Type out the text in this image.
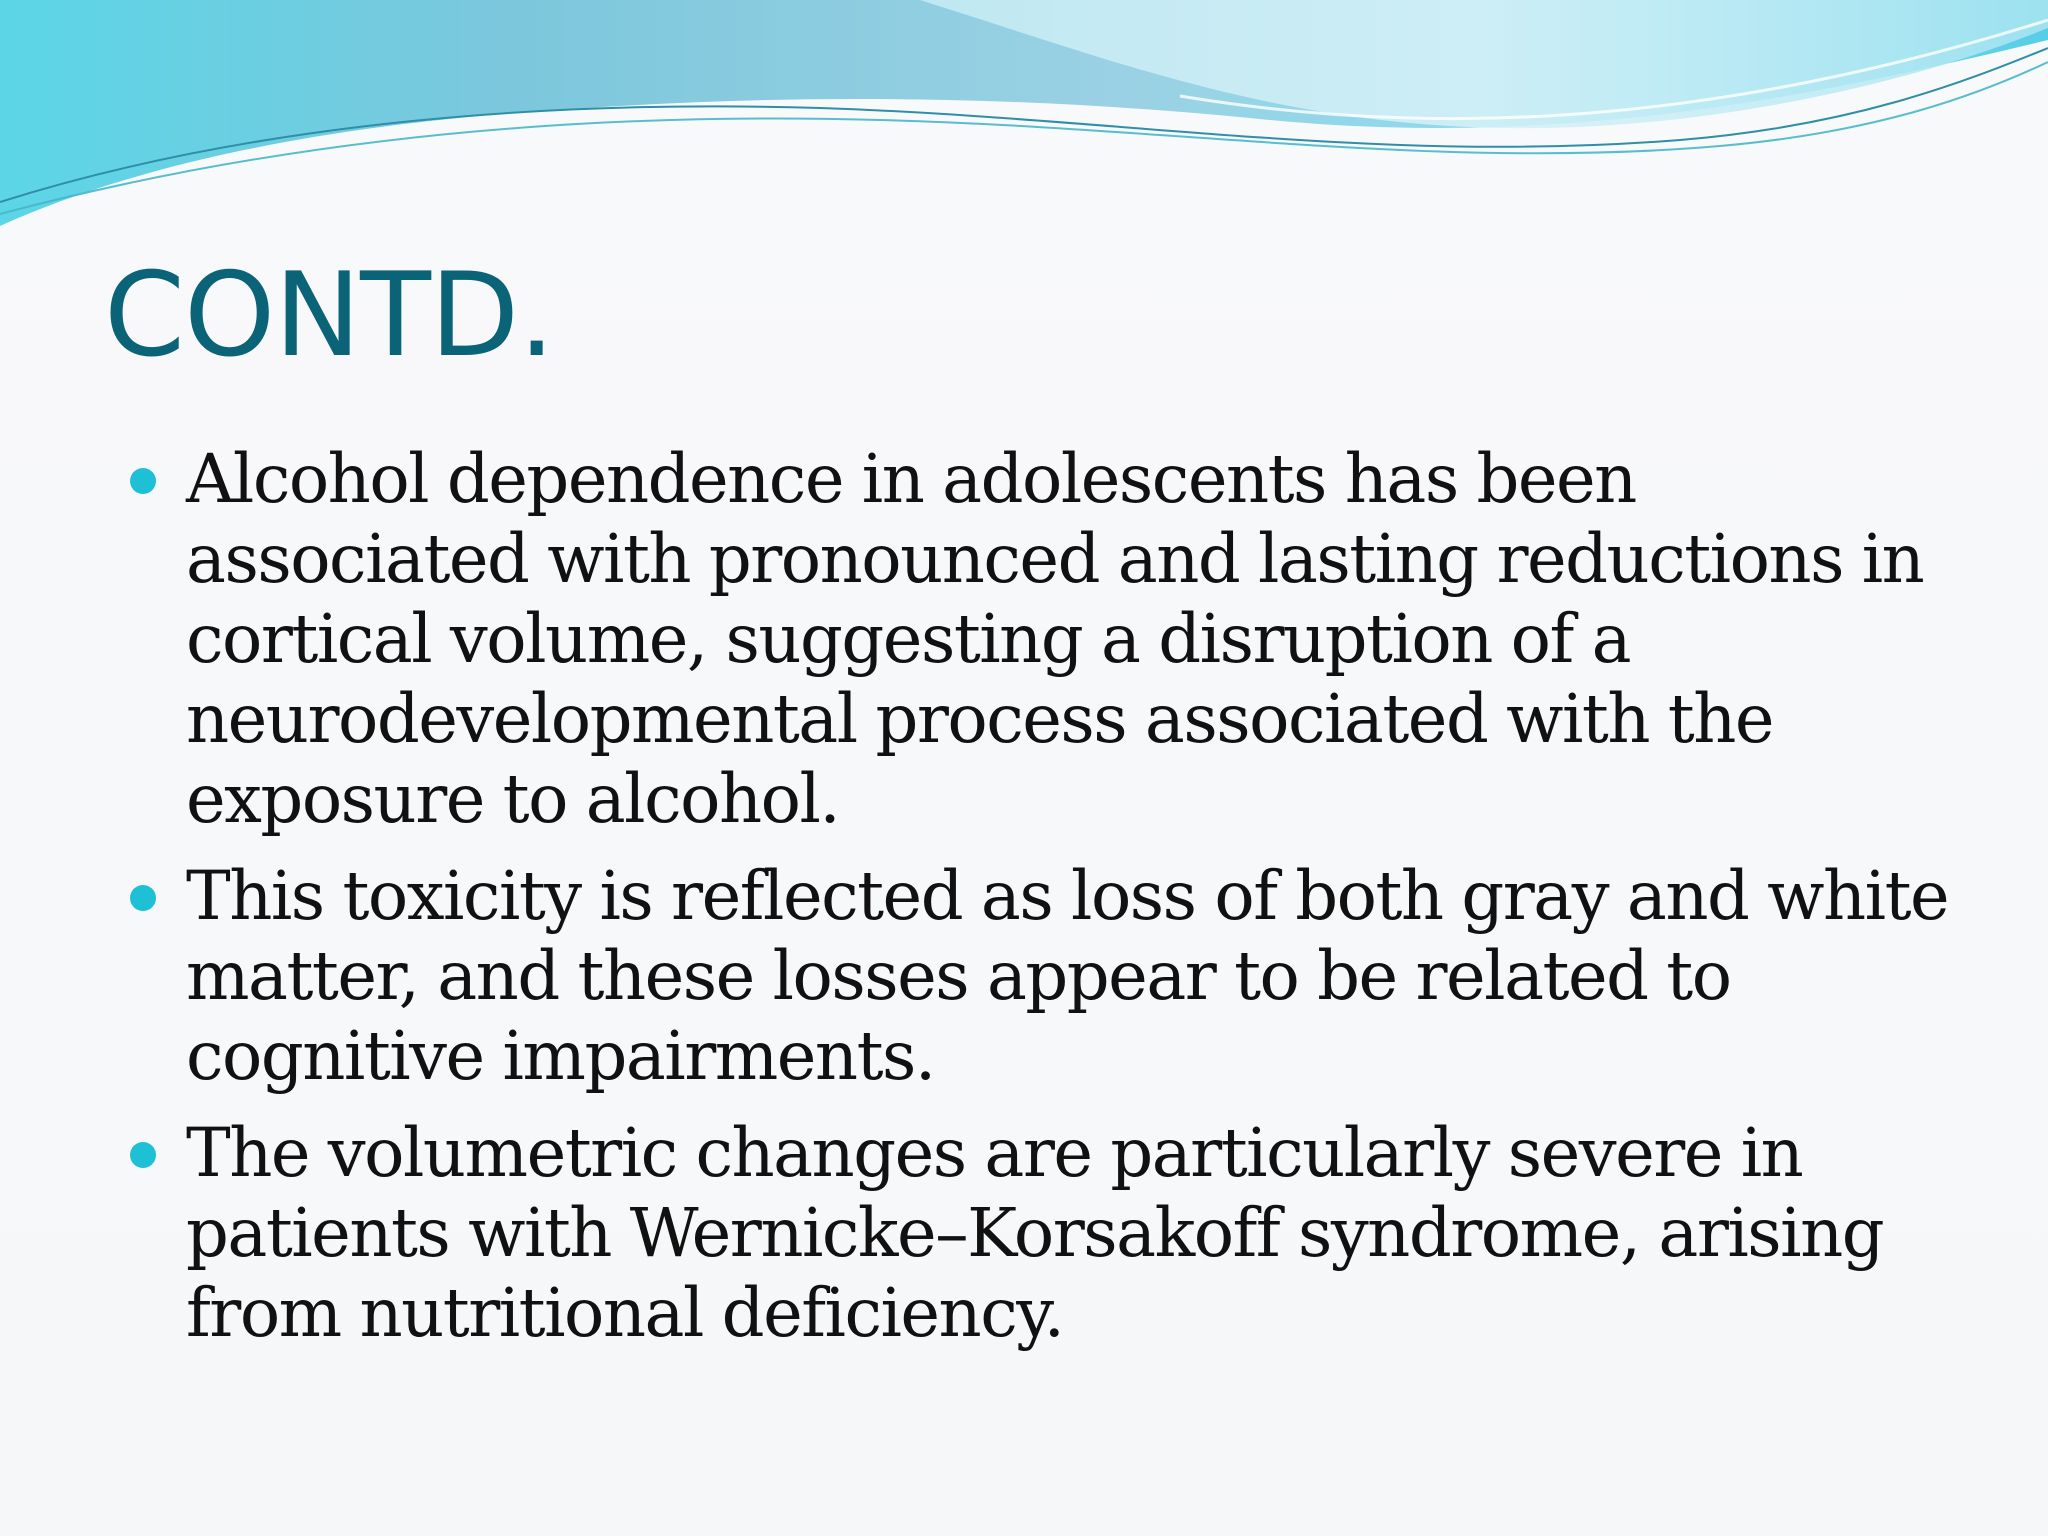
CONTD.
Alcohol dependence in adolescents has been
associated with pronounced and lasting reductions in
cortical volume, suggesting a disruption of a
neurodevelopmental process associated with the
exposure to alcohol.
This toxicity is reflected as loss of both gray and white
matter, and these losses appear to be related to
cognitive impairments.
The volumetric changes are particularly severe in
patients with Wernicke–Korsakoff syndrome, arising
from nutritional deficiency.
